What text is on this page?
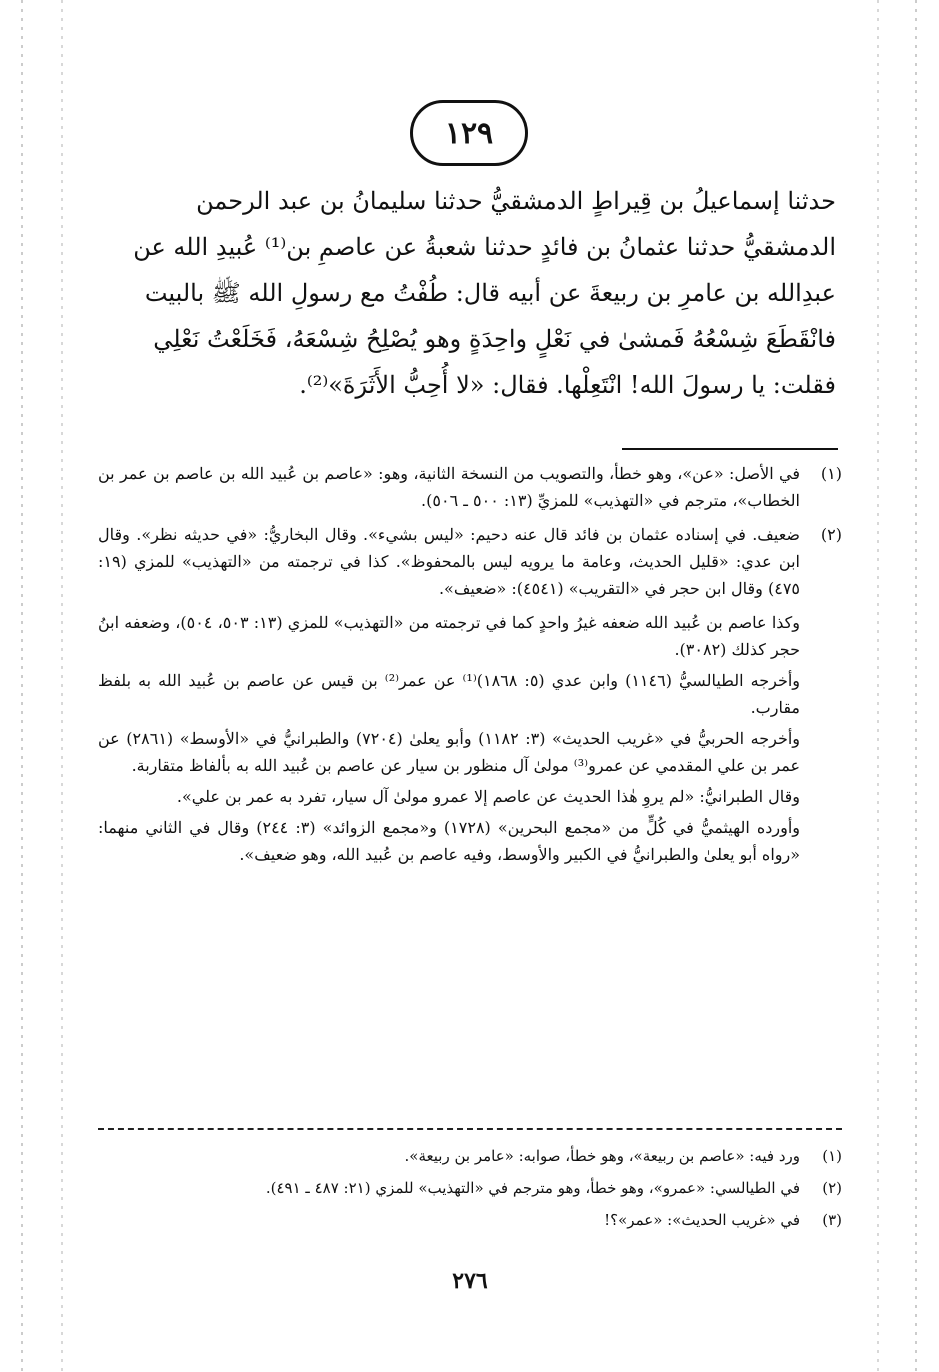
١٢٩
حدثنا إسماعيلُ بن قِيراطٍ الدمشقيُّ حدثنا سليمانُ بن عبد الرحمن
الدمشقيُّ حدثنا عثمانُ بن فائدٍ حدثنا شعبةُ عن عاصمِ بن⁽¹⁾ عُبيدِ الله عن
عبدِالله بن عامرِ بن ربيعةَ عن أبيه قال: طُفْتُ مع رسولِ الله ﷺ بالبيت
فانْقَطَعَ شِسْعُهُ فَمشىٰ في نَعْلٍ واحِدَةٍ وهو يُصْلِحُ شِسْعَهُ، فَخَلَعْتُ نَعْلِي
فقلت: يا رسولَ الله! انْتَعِلْها. فقال: «لا أُحِبُّ الأَثَرَةَ»⁽²⁾.
(١)

في الأصل: «عن»، وهو خطأ، والتصويب من النسخة الثانية، وهو: «عاصم بن عُبيد الله بن عاصم بن عمر بن الخطاب»، مترجم في «التهذيب» للمزيِّ (١٣: ٥٠٠ ـ ٥٠٦).

(٢)

ضعيف. في إسناده عثمان بن فائد قال عنه دحيم: «ليس بشيء». وقال البخاريُّ: «في حديثه نظر». وقال ابن عدي: «قليل الحديث، وعامة ما يرويه ليس بالمحفوظ». كذا في ترجمته من «التهذيب» للمزي (١٩: ٤٧٥) وقال ابن حجر في «التقريب» (٤٥٤١): «ضعيف».

وكذا عاصم بن عُبيد الله ضعفه غيرُ واحدٍ كما في ترجمته من «التهذيب» للمزي (١٣: ٥٠٣، ٥٠٤)، وضعفه ابنُ حجر كذلك (٣٠٨٢).

وأخرجه الطيالسيُّ (١١٤٦) وابن عدي (٥: ١٨٦٨)⁽¹⁾ عن عمر⁽²⁾ بن قيس عن عاصم بن عُبيد الله به بلفظ مقارب.

وأخرجه الحربيُّ في «غريب الحديث» (٣: ١١٨٢) وأبو يعلىٰ (٧٢٠٤) والطبرانيُّ في «الأوسط» (٢٨٦١) عن عمر بن علي المقدمي عن عمرو⁽³⁾ مولىٰ آل منظور بن سيار عن عاصم بن عُبيد الله به بألفاظ متقاربة.

وقال الطبرانيُّ: «لم يروِ هٰذا الحديث عن عاصم إلا عمرو مولىٰ آل سيار، تفرد به عمر بن علي».

وأورده الهيثميُّ في كُلٍّ من «مجمع البحرين» (١٧٢٨) و«مجمع الزوائد» (٣: ٢٤٤) وقال في الثاني منهما: «رواه أبو يعلىٰ والطبرانيُّ في الكبير والأوسط، وفيه عاصم بن عُبيد الله، وهو ضعيف».

(١)
ورد فيه: «عاصم بن ربيعة»، وهو خطأ، صوابه: «عامر بن ربيعة».
(٢)
في الطيالسي: «عمرو»، وهو خطأ، وهو مترجم في «التهذيب» للمزي (٢١: ٤٨٧ ـ ٤٩١).
(٣)
في «غريب الحديث»: «عمر»؟!
٢٧٦
